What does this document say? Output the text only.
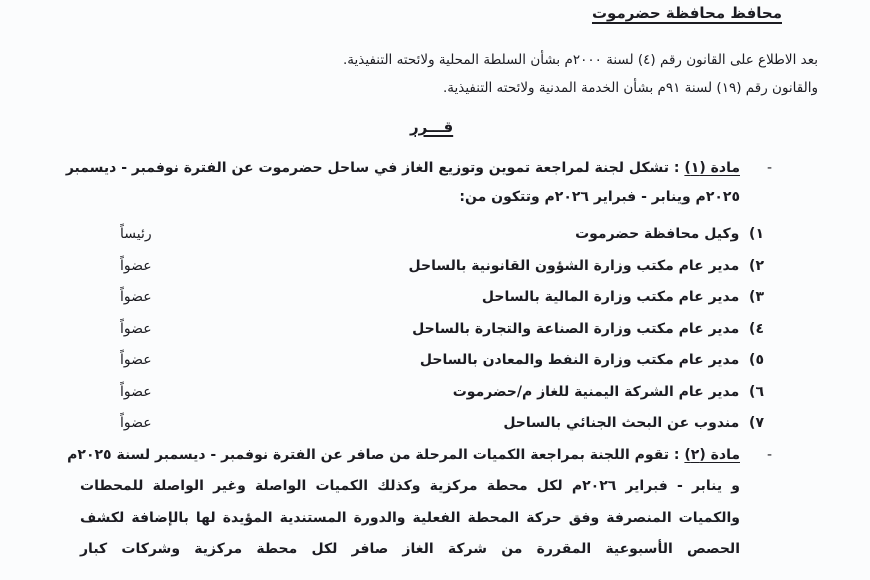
محافظ محافظة حضرموت
بعد الاطلاع على القانون رقم (٤) لسنة ٢٠٠٠م بشأن السلطة المحلية ولائحته التنفيذية.
والقانون رقم (١٩) لسنة ٩١م بشأن الخدمة المدنية ولائحته التنفيذية.
قـــرر
-
مادة (١) : تشكل لجنة لمراجعة تموين وتوزيع الغاز في ساحل حضرموت عن الفترة نوفمبر - ديسمبر
٢٠٢٥م وينابر - فبراير ٢٠٢٦م وتتكون من:
١)  وكيل محافظة حضرموت
رئيساً
٢)  مدير عام مكتب وزارة الشؤون القانونية بالساحل
عضواً
٣)  مدير عام مكتب وزارة المالية بالساحل
عضواً
٤)  مدير عام مكتب وزارة الصناعة والتجارة بالساحل
عضواً
٥)  مدير عام مكتب وزارة النفط والمعادن بالساحل
عضواً
٦)  مدير عام الشركة اليمنية للغاز م/حضرموت
عضواً
٧)  مندوب عن البحث الجنائي بالساحل
عضواً
-
مادة (٢) : تقوم اللجنة بمراجعة الكميات المرحلة من صافر عن الفترة نوفمبر - ديسمبر لسنة ٢٠٢٥م
و ينابر - فبراير ٢٠٢٦م لكل محطة مركزية وكذلك الكميات الواصلة وغير الواصلة للمحطات
والكميات المنصرفة وفق حركة المحطة الفعلية والدورة المستندية المؤيدة لها بالإضافة لكشف
الحصص الأسبوعية المقررة من شركة الغاز صافر لكل محطة مركزية وشركات كبار
